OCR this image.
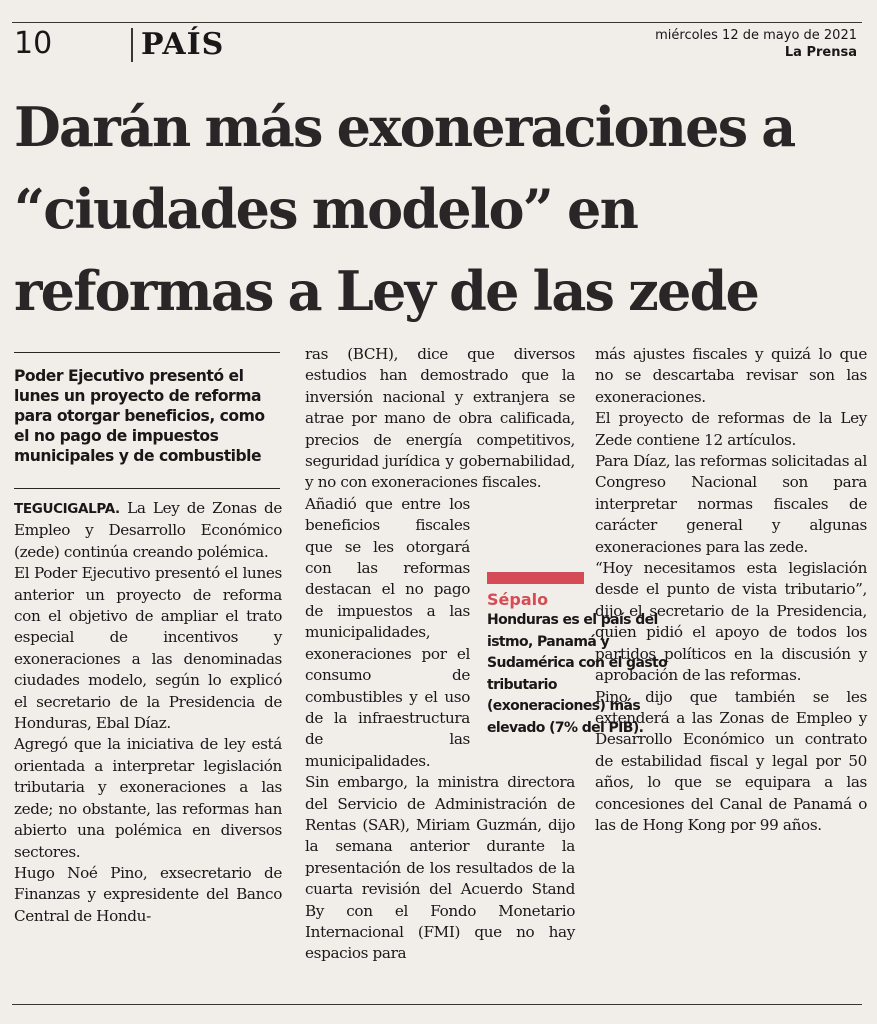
10	PAÍS	miércoles 12 de mayo de 2021
La Prensa
Darán más exoneraciones a “ciudades modelo” en reformas a Ley de las zede

Poder Ejecutivo presentó el lunes un proyecto de reforma para otorgar beneficios, como el no pago de impuestos municipales y de combustible

TEGUCIGALPA. La Ley de Zonas de Empleo y Desarrollo Económico (zede) continúa creando polémica.

El Poder Ejecutivo presentó el lunes anterior un proyecto de reforma con el objetivo de ampliar el trato especial de incentivos y exoneraciones a las denominadas ciudades modelo, según lo explicó el secretario de la Presidencia de Honduras, Ebal Díaz.

Agregó que la iniciativa de ley está orientada a interpretar legislación tributaria y exoneraciones a las zede; no obstante, las reformas han abierto una polémica en diversos sectores.

Hugo Noé Pino, exsecretario de Finanzas y expresidente del Banco Central de Hondu-

ras (BCH), dice que diversos estudios han demostrado que la inversión nacional y extranjera se atrae por mano de obra calificada, precios de energía competitivos, seguridad jurídica y gobernabilidad, y no con exoneraciones fiscales.

Añadió que entre los beneficios fiscales que se les otorgará con las reformas destacan el no pago de impuestos a las municipalidades, exoneraciones por el consumo de combustibles y el uso de la infraestructura de las municipalidades.

Sin embargo, la ministra directora del Servicio de Administración de Rentas (SAR), Miriam Guzmán, dijo la semana anterior durante la presentación de los resultados de la cuarta revisión del Acuerdo Stand By con el Fondo Monetario Internacional (FMI) que no hay espacios para

Sépalo
Honduras es el país del istmo, Panamá y Sudamérica con el gasto tributario (exoneraciones) más elevado (7% del PIB).

más ajustes fiscales y quizá lo que no se descartaba revisar son las exoneraciones.

El proyecto de reformas de la Ley Zede contiene 12 artículos.

Para Díaz, las reformas solicitadas al Congreso Nacional son para interpretar normas fiscales de carácter general y algunas exoneraciones para las zede.

“Hoy necesitamos esta legislación desde el punto de vista tributario”, dijo el secretario de la Presidencia, quien pidió el apoyo de todos los partidos políticos en la discusión y aprobación de las reformas.

Pino dijo que también se les extenderá a las Zonas de Empleo y Desarrollo Económico un contrato de estabilidad fiscal y legal por 50 años, lo que se equipara a las concesiones del Canal de Panamá o las de Hong Kong por 99 años.
